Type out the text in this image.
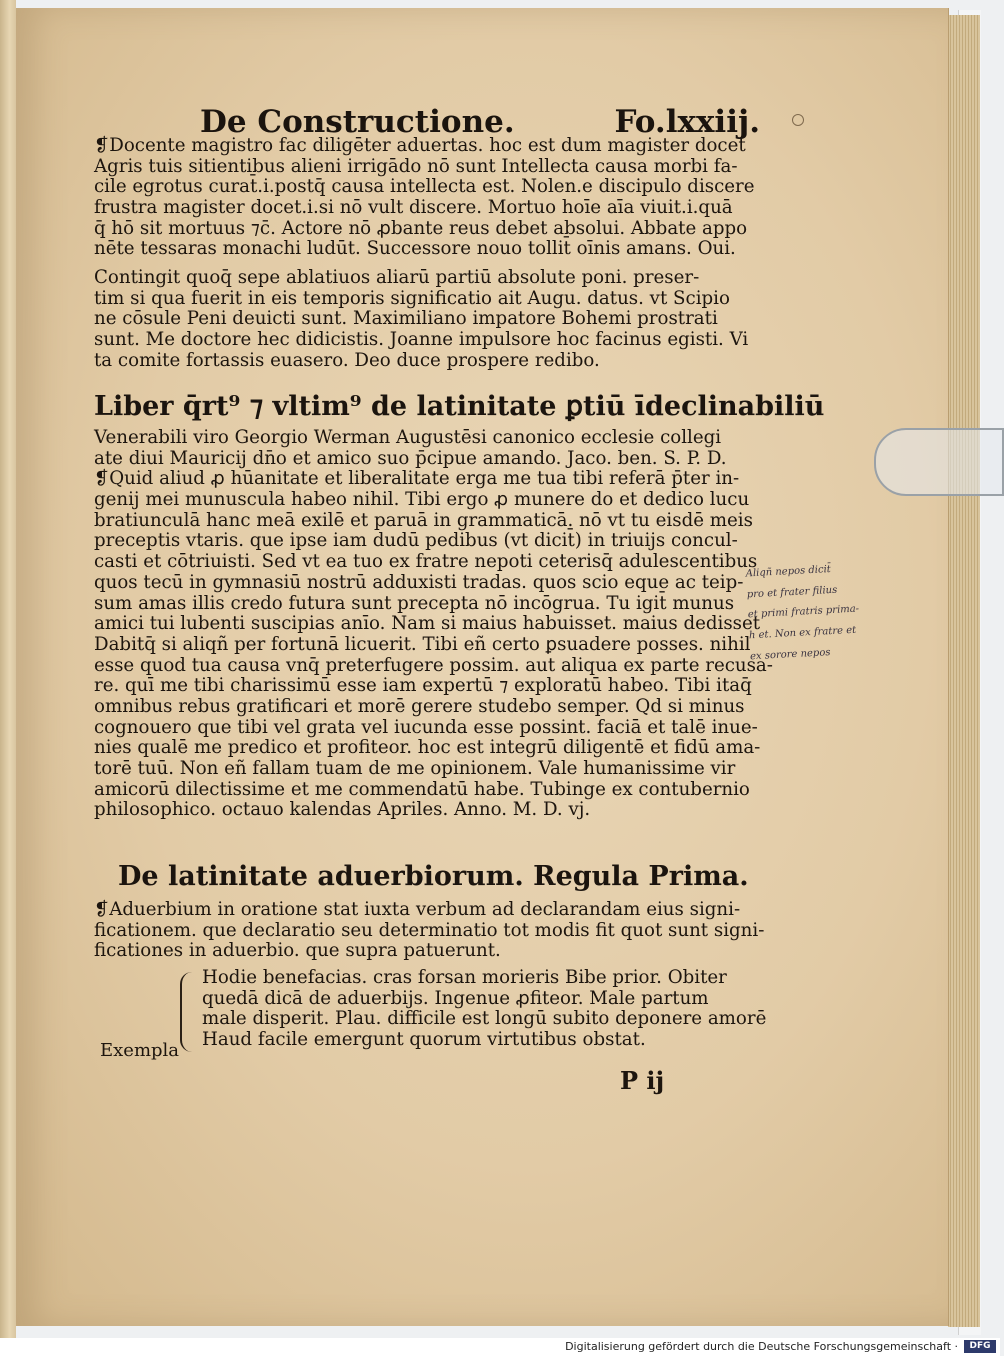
De Constructione.	Fo.lxxiij.
❡Docente magistro fac diligēter aduertas. hoc est dum magister docet
Agris tuis sitientibus alieni irrigādo nō sunt Intellecta causa morbi fa-
cile egrotus curat̄.i.postq̄ causa intellecta est. Nolen.e discipulo discere
frustra magister docet.i.si nō vult discere. Mortuo hoīe aīa viuit.i.quā
q̄ hō sit mortuus ⁊c̄. Actore nō ꝓbante reus debet absolui. Abbate appo
nēte tessaras monachi ludūt. Successore nouo tollit̄ oīnis amans. Oui.
Contingit quoq̄ sepe ablatiuos aliarū partiū absolute poni. preser-
tim si qua fuerit in eis temporis significatio ait Augu. datus. vt Scipio
ne cōsule Peni deuicti sunt. Maximiliano impatore Bohemi prostrati
sunt. Me doctore hec didicistis. Joanne impulsore hoc facinus egisti. Vi
ta comite fortassis euasero. Deo duce prospere redibo.
Liber q̄rt⁹ ⁊ vltim⁹ de latinitate ꝑtiū īdeclinabiliū
Venerabili viro Georgio Werman Augustēsi canonico ecclesie collegi
ate diui Mauricij dn̄o et amico suo p̄cipue amando. Jaco. ben. S. P. D.
❡Quid aliud ꝓ hūanitate et liberalitate erga me tua tibi referā p̄ter in-
genij mei munuscula habeo nihil. Tibi ergo ꝓ munere do et dedico lucu
bratiunculā hanc meā exilē et paruā in grammaticā. nō vt tu eisdē meis
preceptis vtaris. que ipse iam dudū pedibus (vt dicit̄) in triuijs concul-
casti et cōtriuisti. Sed vt ea tuo ex fratre nepoti ceterisq̄ adulescentibus
quos tecū in gymnasiū nostrū adduxisti tradas. quos scio eque ac teip-
sum amas illis credo futura sunt precepta nō incōgrua. Tu igit̄ munus
amici tui lubenti suscipias anīo. Nam si maius habuisset. maius dedisset
Dabitq̄ si aliqñ per fortunā licuerit. Tibi eñ certo ꝑsuadere posses. nihil
esse quod tua causa vnq̄ preterfugere possim. aut aliqua ex parte recusa-
re. quī me tibi charissimū esse iam expertū ⁊ exploratū habeo. Tibi itaq̄
omnibus rebus gratificari et morē gerere studebo semper. Qd si minus
cognouero que tibi vel grata vel iucunda esse possint. faciā et talē inue-
nies qualē me predico et profiteor. hoc est integrū diligentē et fidū ama-
torē tuū. Non eñ fallam tuam de me opinionem. Vale humanissime vir
amicorū dilectissime et me commendatū habe. Tubinge ex contubernio
philosophico. octauo kalendas Apriles. Anno. M. D. vj.
De latinitate aduerbiorum. Regula Prima.
❡Aduerbium in oratione stat iuxta verbum ad declarandam eius signi-
ficationem. que declaratio seu determinatio tot modis fit quot sunt signi-
ficationes in aduerbio. que supra patuerunt.
Exempla
Hodie benefacias. cras forsan morieris Bibe prior. Obiter
quedā dicā de aduerbijs. Ingenue ꝓfiteor. Male partum
male disperit. Plau. difficile est longū subito deponere amorē
Haud facile emergunt quorum virtutibus obstat.
P ij
Aliqñ nepos dicit̄
pro et frater filius
et primi fratris prima-
h et. Non ex fratre et
ex sorore nepos
Digitalisierung gefördert durch die Deutsche Forschungsgemeinschaft ·	DFG
